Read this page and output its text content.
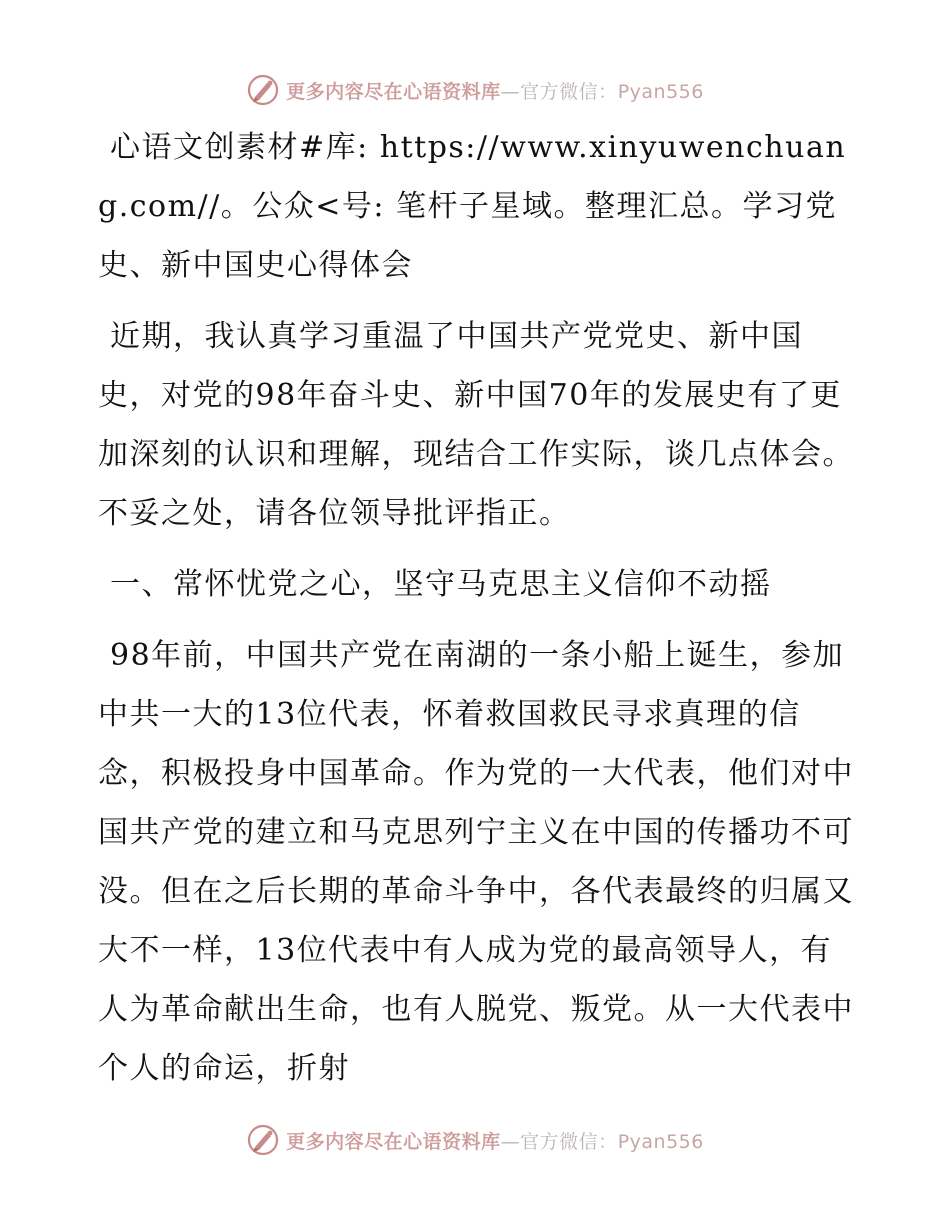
更多内容尽在心语资料库—官方微信：Pyan556

心语文创素材#库: https://www.xinyuwenchuang.com//。公众<号: 笔杆子星域。整理汇总。学习党史、新中国史心得体会

近期，我认真学习重温了中国共产党党史、新中国史，对党的98年奋斗史、新中国70年的发展史有了更加深刻的认识和理解，现结合工作实际，谈几点体会。不妥之处，请各位领导批评指正。

一、常怀忧党之心，坚守马克思主义信仰不动摇

98年前，中国共产党在南湖的一条小船上诞生，参加中共一大的13位代表，怀着救国救民寻求真理的信念，积极投身中国革命。作为党的一大代表，他们对中国共产党的建立和马克思列宁主义在中国的传播功不可没。但在之后长期的革命斗争中，各代表最终的归属又大不一样，13位代表中有人成为党的最高领导人，有人为革命献出生命，也有人脱党、叛党。从一大代表中个人的命运，折射

更多内容尽在心语资料库—官方微信：Pyan556
